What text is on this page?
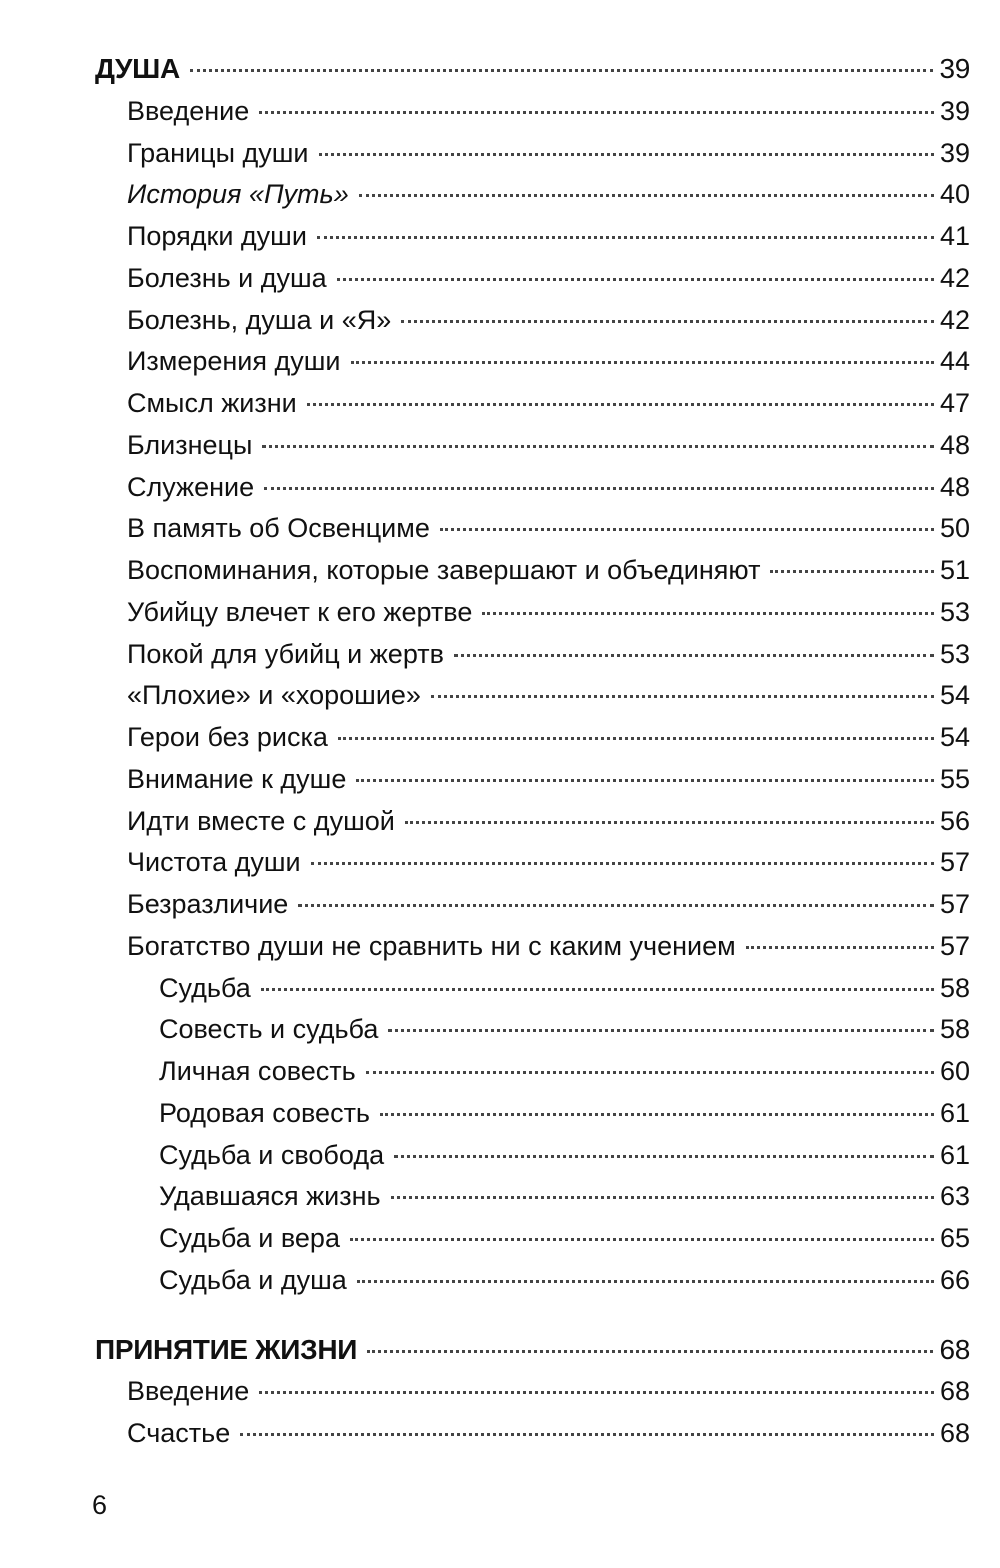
ДУША	39
Введение	39
Границы души	39
История «Путь»	40
Порядки души	41
Болезнь и душа	42
Болезнь, душа и «Я»	42
Измерения души	44
Смысл жизни	47
Близнецы	48
Служение	48
В память об Освенциме	50
Воспоминания, которые завершают и объединяют	51
Убийцу влечет к его жертве	53
Покой для убийц и жертв	53
«Плохие» и «хорошие»	54
Герои без риска	54
Внимание к душе	55
Идти вместе с душой	56
Чистота души	57
Безразличие	57
Богатство души не сравнить ни с каким учением	57
Судьба	58
Совесть и судьба	58
Личная совесть	60
Родовая совесть	61
Судьба и свобода	61
Удавшаяся жизнь	63
Судьба и вера	65
Судьба и душа	66
ПРИНЯТИЕ ЖИЗНИ	68
Введение	68
Счастье	68
6
